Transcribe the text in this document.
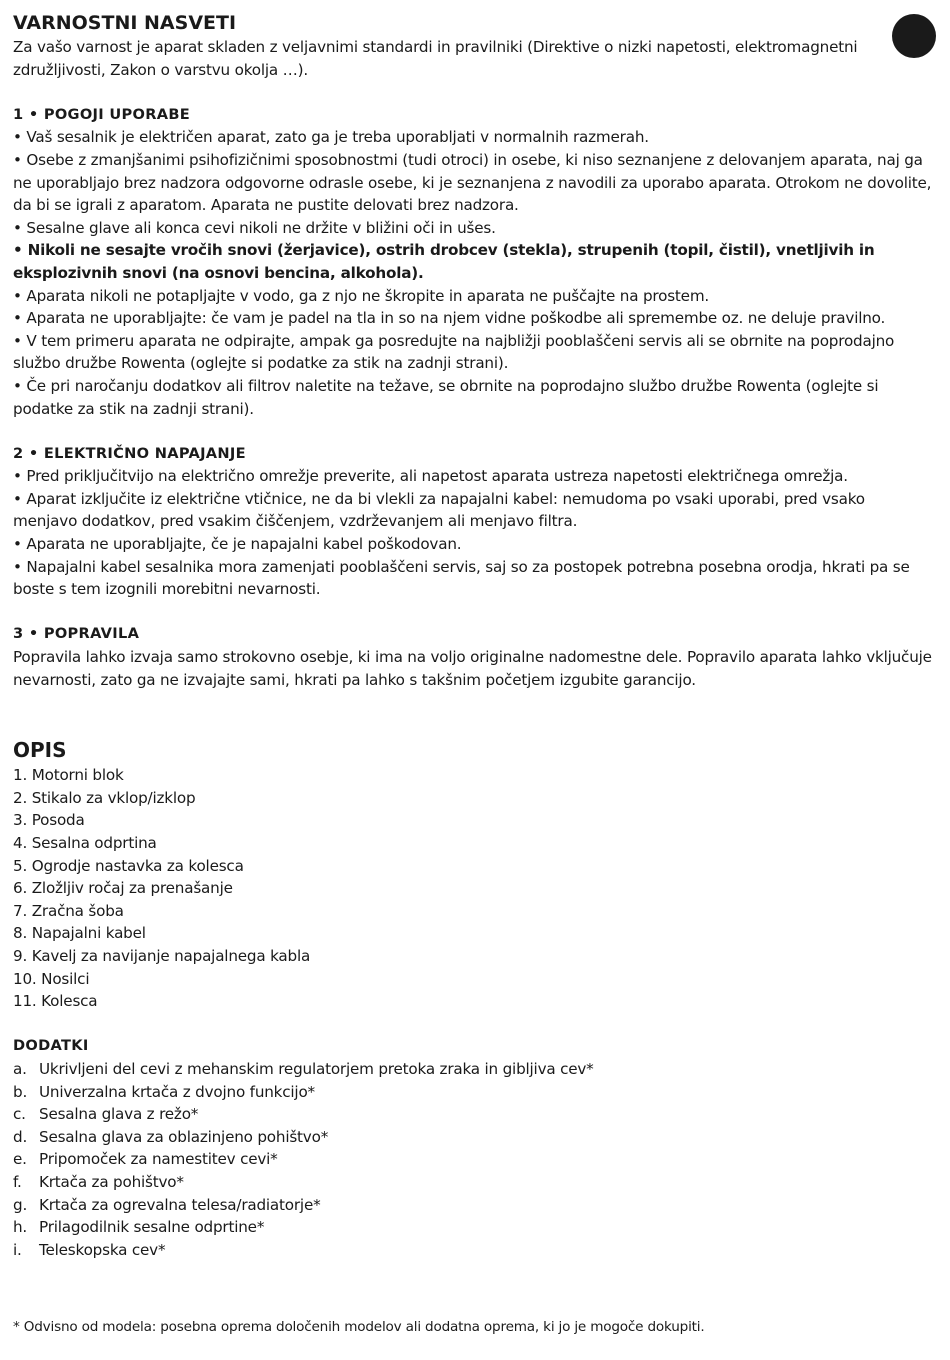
VARNOSTNI NASVETI

Za vašo varnost je aparat skladen z veljavnimi standardi in pravilniki (Direktive o nizki napetosti, elektromagnetni združljivosti, Zakon o varstvu okolja …).

1 • POGOJI UPORABE

• Vaš sesalnik je električen aparat, zato ga je treba uporabljati v normalnih razmerah.

• Osebe z zmanjšanimi psihofizičnimi sposobnostmi (tudi otroci) in osebe, ki niso seznanjene z delovanjem aparata, naj ga ne uporabljajo brez nadzora odgovorne odrasle osebe, ki je seznanjena z navodili za uporabo aparata. Otrokom ne dovolite, da bi se igrali z aparatom. Aparata ne pustite delovati brez nadzora.

• Sesalne glave ali konca cevi nikoli ne držite v bližini oči in ušes.

• Nikoli ne sesajte vročih snovi (žerjavice), ostrih drobcev (stekla), strupenih (topil, čistil), vnetljivih in eksplozivnih snovi (na osnovi bencina, alkohola).

• Aparata nikoli ne potapljajte v vodo, ga z njo ne škropite in aparata ne puščajte na prostem.

• Aparata ne uporabljajte: če vam je padel na tla in so na njem vidne poškodbe ali spremembe oz. ne deluje pravilno.

• V tem primeru aparata ne odpirajte, ampak ga posredujte na najbližji pooblaščeni servis ali se obrnite na poprodajno službo družbe Rowenta (oglejte si podatke za stik na zadnji strani).

• Če pri naročanju dodatkov ali filtrov naletite na težave, se obrnite na poprodajno službo družbe Rowenta (oglejte si podatke za stik na zadnji strani).

2 • ELEKTRIČNO NAPAJANJE

• Pred priključitvijo na električno omrežje preverite, ali napetost aparata ustreza napetosti električnega omrežja.

• Aparat izključite iz električne vtičnice, ne da bi vlekli za napajalni kabel: nemudoma po vsaki uporabi, pred vsako menjavo dodatkov, pred vsakim čiščenjem, vzdrževanjem ali menjavo filtra.

• Aparata ne uporabljajte, če je napajalni kabel poškodovan.

• Napajalni kabel sesalnika mora zamenjati pooblaščeni servis, saj so za postopek potrebna posebna orodja, hkrati pa se boste s tem izognili morebitni nevarnosti.

3 • POPRAVILA

Popravila lahko izvaja samo strokovno osebje, ki ima na voljo originalne nadomestne dele. Popravilo aparata lahko vključuje nevarnosti, zato ga ne izvajajte sami, hkrati pa lahko s takšnim početjem izgubite garancijo.

OPIS
1. Motorni blok
2. Stikalo za vklop/izklop
3. Posoda
4. Sesalna odprtina
5. Ogrodje nastavka za kolesca
6. Zložljiv ročaj za prenašanje
7. Zračna šoba
8. Napajalni kabel
9. Kavelj za navijanje napajalnega kabla
10. Nosilci
11. Kolesca

DODATKI

a. Ukrivljeni del cevi z mehanskim regulatorjem pretoka zraka in gibljiva cev*
b. Univerzalna krtača z dvojno funkcijo*
c. Sesalna glava z režo*
d. Sesalna glava za oblazinjeno pohištvo*
e. Pripomoček za namestitev cevi*
f.	Krtača za pohištvo*
g. Krtača za ogrevalna telesa/radiatorje*
h. Prilagodilnik sesalne odprtine*
i.	Teleskopska cev*
* Odvisno od modela: posebna oprema določenih modelov ali dodatna oprema, ki jo je mogoče dokupiti.
